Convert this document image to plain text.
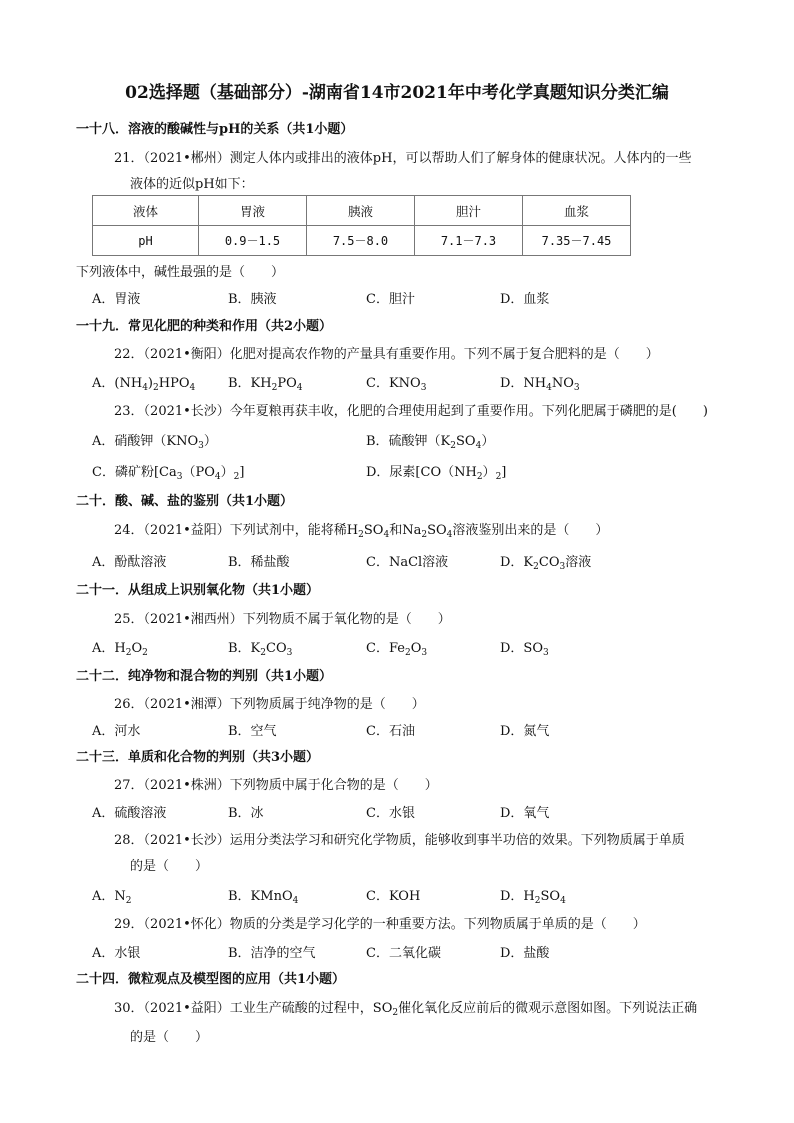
02选择题（基础部分）-湖南省14市2021年中考化学真题知识分类汇编
一十八．溶液的酸碱性与pH的关系（共1小题）
21．（2021•郴州）测定人体内或排出的液体pH，可以帮助人们了解身体的健康状况。人体内的一些
液体的近似pH如下：
液体	胃液	胰液	胆汁	血浆
pH	0.9－1.5	7.5－8.0	7.1－7.3	7.35－7.45
下列液体中，碱性最强的是（　　）
A．胃液	B．胰液	C．胆汁	D．血浆
一十九．常见化肥的种类和作用（共2小题）
22．（2021•衡阳）化肥对提高农作物的产量具有重要作用。下列不属于复合肥料的是（　　）
A．$(NH_4)_2HPO_4$	B．$KH_2PO_4$	C．$KNO_3$	D．$NH_4NO_3$
23．（2021•长沙）今年夏粮再获丰收，化肥的合理使用起到了重要作用。下列化肥属于磷肥的是(　　)
A．硝酸钾$(KNO_3)$	B．硫酸钾$(K_2SO_4)$
C．磷矿粉$[Ca_3(PO_4)_2]$	D．尿素$[CO(NH_2)_2]$
二十．酸、碱、盐的鉴别（共1小题）
24．（2021•益阳）下列试剂中，能将稀$H_2SO_4$和$Na_2SO_4$溶液鉴别出来的是（　　）
A．酚酞溶液	B．稀盐酸	C．NaCl溶液	D．$K_2CO_3$溶液
二十一．从组成上识别氧化物（共1小题）
25．（2021•湘西州）下列物质不属于氧化物的是（　　）
A．$H_2O_2$	B．$K_2CO_3$	C．$Fe_2O_3$	D．$SO_3$
二十二．纯净物和混合物的判别（共1小题）
26．（2021•湘潭）下列物质属于纯净物的是（　　）
A．河水	B．空气	C．石油	D．氮气
二十三．单质和化合物的判别（共3小题）
27．（2021•株洲）下列物质中属于化合物的是（　　）
A．硫酸溶液	B．冰	C．水银	D．氧气
28．（2021•长沙）运用分类法学习和研究化学物质，能够收到事半功倍的效果。下列物质属于单质
的是（　　）
A．$N_2$	B．KMnO$_4$	C．KOH	D．$H_2SO_4$
29．（2021•怀化）物质的分类是学习化学的一种重要方法。下列物质属于单质的是（　　）
A．水银	B．洁净的空气	C．二氧化碳	D．盐酸
二十四．微粒观点及模型图的应用（共1小题）
30．（2021•益阳）工业生产硫酸的过程中，$SO_2$催化氧化反应前后的微观示意图如图。下列说法正确
的是（　　）
